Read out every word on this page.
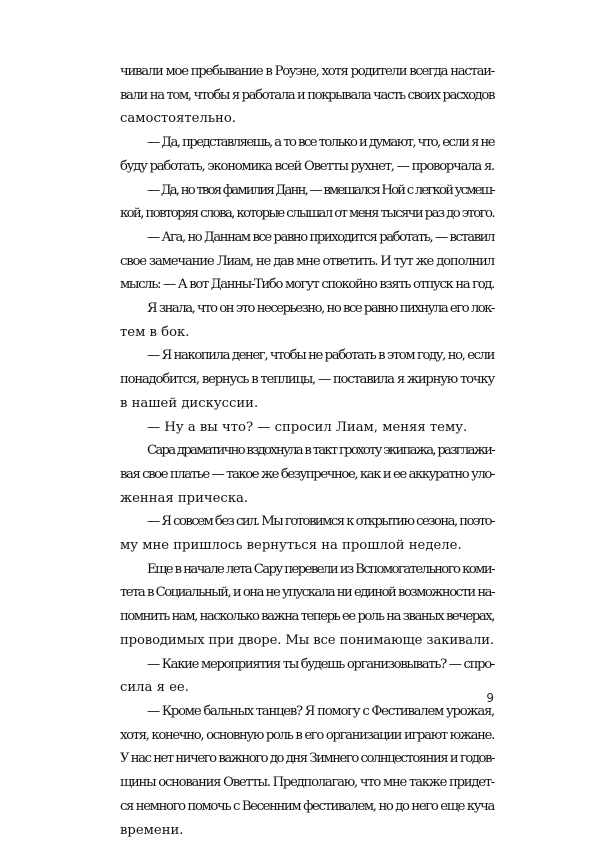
чивали мое пребывание в Роуэне, хотя родители всегда настаи-
вали на том, чтобы я работала и покрывала часть своих расходов
самостоятельно.
— Да, представляешь, а то все только и думают, что, если я не
буду работать, экономика всей Оветты рухнет, — проворчала я.
— Да, но твоя фамилия Данн, — вмешался Ной с легкой усмеш-
кой, повторяя слова, которые слышал от меня тысячи раз до этого.
— Ага, но Даннам все равно приходится работать, — вставил
свое замечание Лиам, не дав мне ответить. И тут же дополнил
мысль: — А вот Данны-Тибо могут спокойно взять отпуск на год.
Я знала, что он это несерьезно, но все равно пихнула его лок-
тем в бок.
— Я накопила денег, чтобы не работать в этом году, но, если
понадобится, вернусь в теплицы, — поставила я жирную точку
в нашей дискуссии.
— Ну а вы что? — спросил Лиам, меняя тему.
Сара драматично вздохнула в такт грохоту экипажа, разглажи-
вая свое платье — такое же безупречное, как и ее аккуратно уло-
женная прическа.
— Я совсем без сил. Мы готовимся к открытию сезона, поэто-
му мне пришлось вернуться на прошлой неделе.
Еще в начале лета Сару перевели из Вспомогательного коми-
тета в Социальный, и она не упускала ни единой возможности на-
помнить нам, насколько важна теперь ее роль на званых вечерах,
проводимых при дворе. Мы все понимающе закивали.
— Какие мероприятия ты будешь организовывать? — спро-
сила я ее.
— Кроме бальных танцев? Я помогу с Фестивалем урожая,
хотя, конечно, основную роль в его организации играют южане.
У нас нет ничего важного до дня Зимнего солнцестояния и годов-
щины основания Оветты. Предполагаю, что мне также придет-
ся немного помочь с Весенним фестивалем, но до него еще куча
времени.
9
